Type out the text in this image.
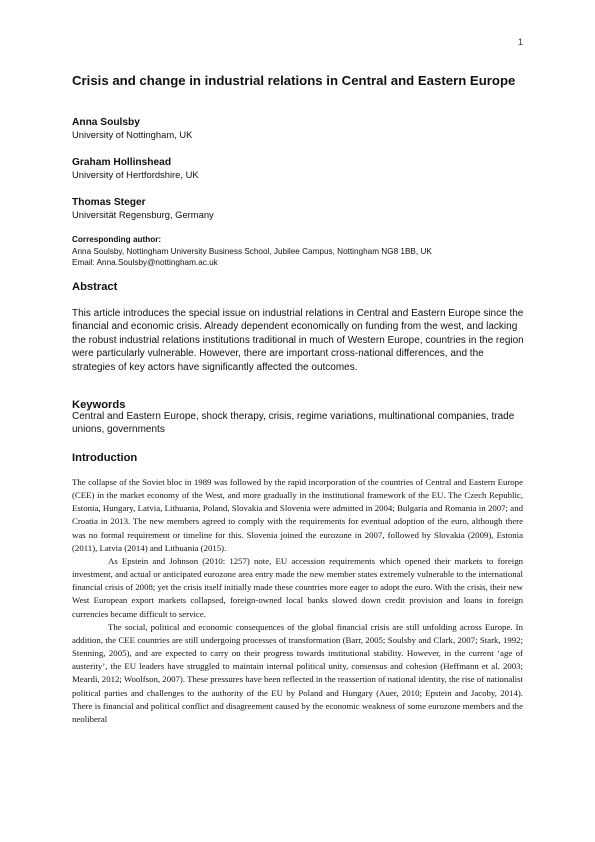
1
Crisis and change in industrial relations in Central and Eastern Europe

Anna Soulsby

University of Nottingham, UK

Graham Hollinshead

University of Hertfordshire, UK

Thomas Steger

Universität Regensburg, Germany

Corresponding author:
Anna Soulsby, Nottingham University Business School, Jubilee Campus, Nottingham NG8 1BB, UK
Email: Anna.Soulsby@nottingham.ac.uk
Abstract

This article introduces the special issue on industrial relations in Central and Eastern Europe since the financial and economic crisis. Already dependent economically on funding from the west, and lacking the robust industrial relations institutions traditional in much of Western Europe, countries in the region were particularly vulnerable. However, there are important cross-national differences, and the strategies of key actors have significantly affected the outcomes.

Keywords

Central and Eastern Europe, shock therapy, crisis, regime variations, multinational companies, trade unions, governments

Introduction

The collapse of the Soviet bloc in 1989 was followed by the rapid incorporation of the countries of Central and Eastern Europe (CEE) in the market economy of the West, and more gradually in the institutional framework of the EU. The Czech Republic, Estonia, Hungary, Latvia, Lithuania, Poland, Slovakia and Slovenia were admitted in 2004; Bulgaria and Romania in 2007; and Croatia in 2013. The new members agreed to comply with the requirements for eventual adoption of the euro, although there was no formal requirement or timeline for this. Slovenia joined the eurozone in 2007, followed by Slovakia (2009), Estonia (2011), Latvia (2014) and Lithuania (2015).

As Epstein and Johnson (2010: 1257) note, EU accession requirements which opened their markets to foreign investment, and actual or anticipated eurozone area entry made the new member states extremely vulnerable to the international financial crisis of 2008; yet the crisis itself initially made these countries more eager to adopt the euro. With the crisis, their new West European export markets collapsed, foreign-owned local banks slowed down credit provision and loans in foreign currencies became difficult to service.

The social, political and economic consequences of the global financial crisis are still unfolding across Europe. In addition, the CEE countries are still undergoing processes of transformation (Barr, 2005; Soulsby and Clark, 2007; Stark, 1992; Stenning, 2005), and are expected to carry on their progress towards institutional stability. However, in the current ‘age of austerity’, the EU leaders have struggled to maintain internal political unity, consensus and cohesion (Heffmann et al. 2003; Meardi, 2012; Woolfson, 2007). These pressures have been reflected in the reassertion of national identity, the rise of nationalist political parties and challenges to the authority of the EU by Poland and Hungary (Auer, 2010; Epstein and Jacoby, 2014). There is financial and political conflict and disagreement caused by the economic weakness of some eurozone members and the neoliberal
